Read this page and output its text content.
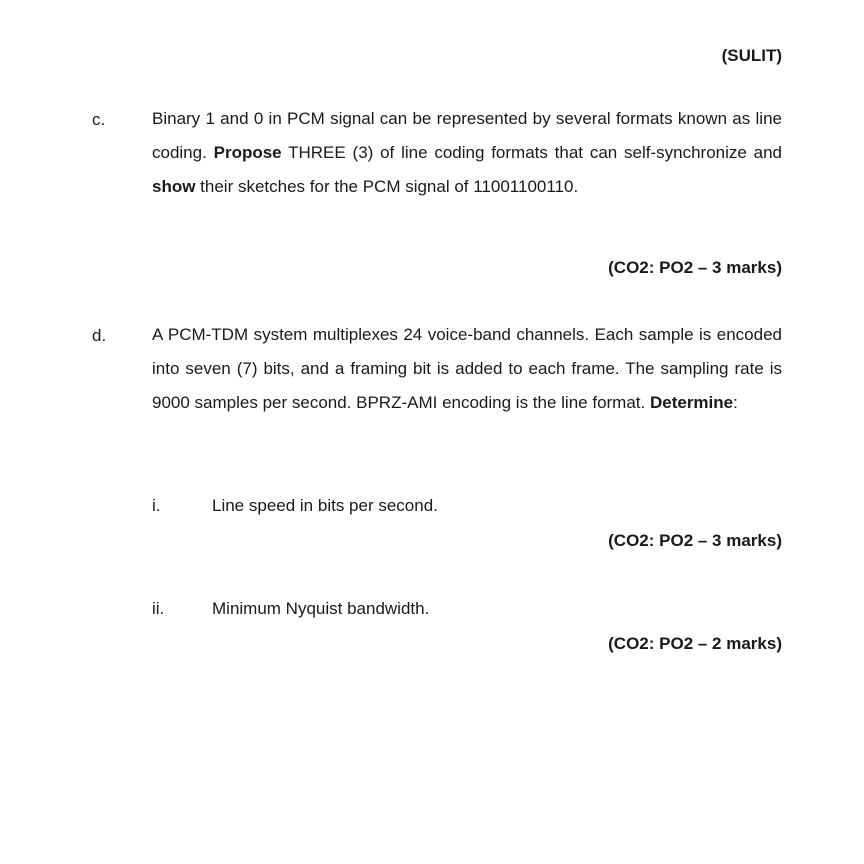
(SULIT)
c.	Binary 1 and 0 in PCM signal can be represented by several formats known as line coding. Propose THREE (3) of line coding formats that can self-synchronize and show their sketches for the PCM signal of 11001100110.
(CO2: PO2 – 3 marks)
d.	A PCM-TDM system multiplexes 24 voice-band channels. Each sample is encoded into seven (7) bits, and a framing bit is added to each frame. The sampling rate is 9000 samples per second. BPRZ-AMI encoding is the line format. Determine:
i.	Line speed in bits per second.
(CO2: PO2 – 3 marks)
ii.	Minimum Nyquist bandwidth.
(CO2: PO2 – 2 marks)
